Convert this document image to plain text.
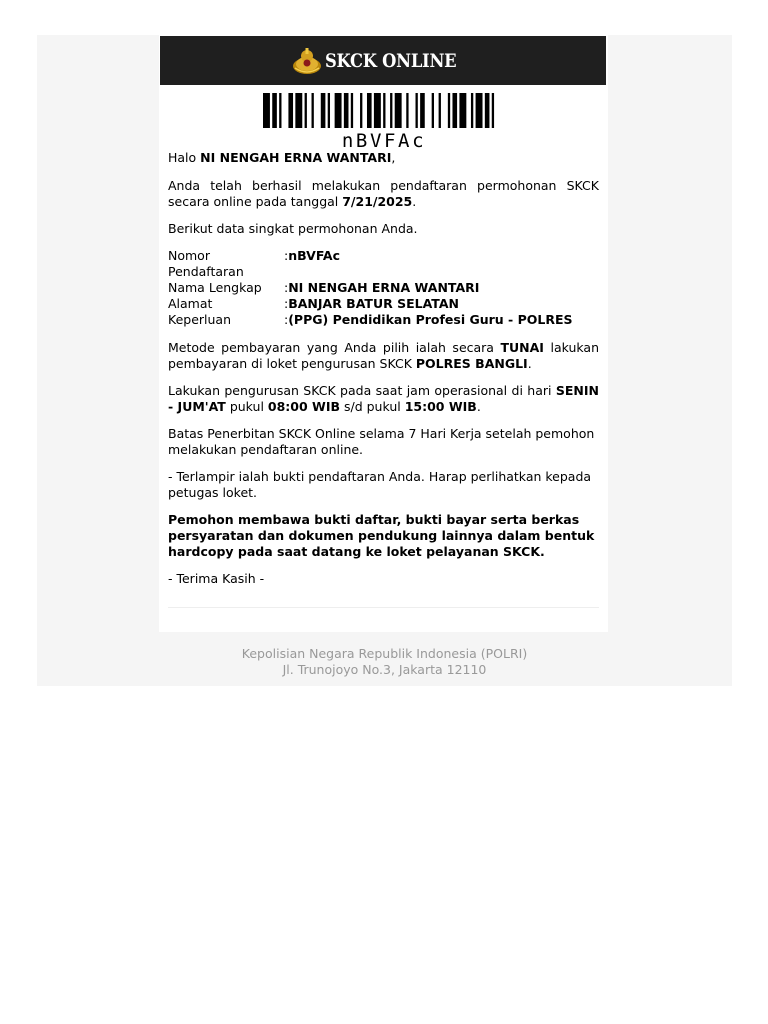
SKCK ONLINE
nBVFAc

Halo NI NENGAH ERNA WANTARI,

Anda telah berhasil melakukan pendaftaran permohonan SKCK secara online pada tanggal 7/21/2025.

Berikut data singkat permohonan Anda.

Nomor Pendaftaran	:	nBVFAc
Nama Lengkap	:	NI NENGAH ERNA WANTARI
Alamat	:	BANJAR BATUR SELATAN
Keperluan	:	(PPG) Pendidikan Profesi Guru - POLRES

Metode pembayaran yang Anda pilih ialah secara TUNAI lakukan pembayaran di loket pengurusan SKCK POLRES BANGLI.

Lakukan pengurusan SKCK pada saat jam operasional di hari SENIN - JUM'AT pukul 08:00 WIB s/d pukul 15:00 WIB.

Batas Penerbitan SKCK Online selama 7 Hari Kerja setelah pemohon melakukan pendaftaran online.

- Terlampir ialah bukti pendaftaran Anda. Harap perlihatkan kepada petugas loket.

Pemohon membawa bukti daftar, bukti bayar serta berkas persyaratan dan dokumen pendukung lainnya dalam bentuk hardcopy pada saat datang ke loket pelayanan SKCK.

- Terima Kasih -

Kepolisian Negara Republik Indonesia (POLRI)
Jl. Trunojoyo No.3, Jakarta 12110
